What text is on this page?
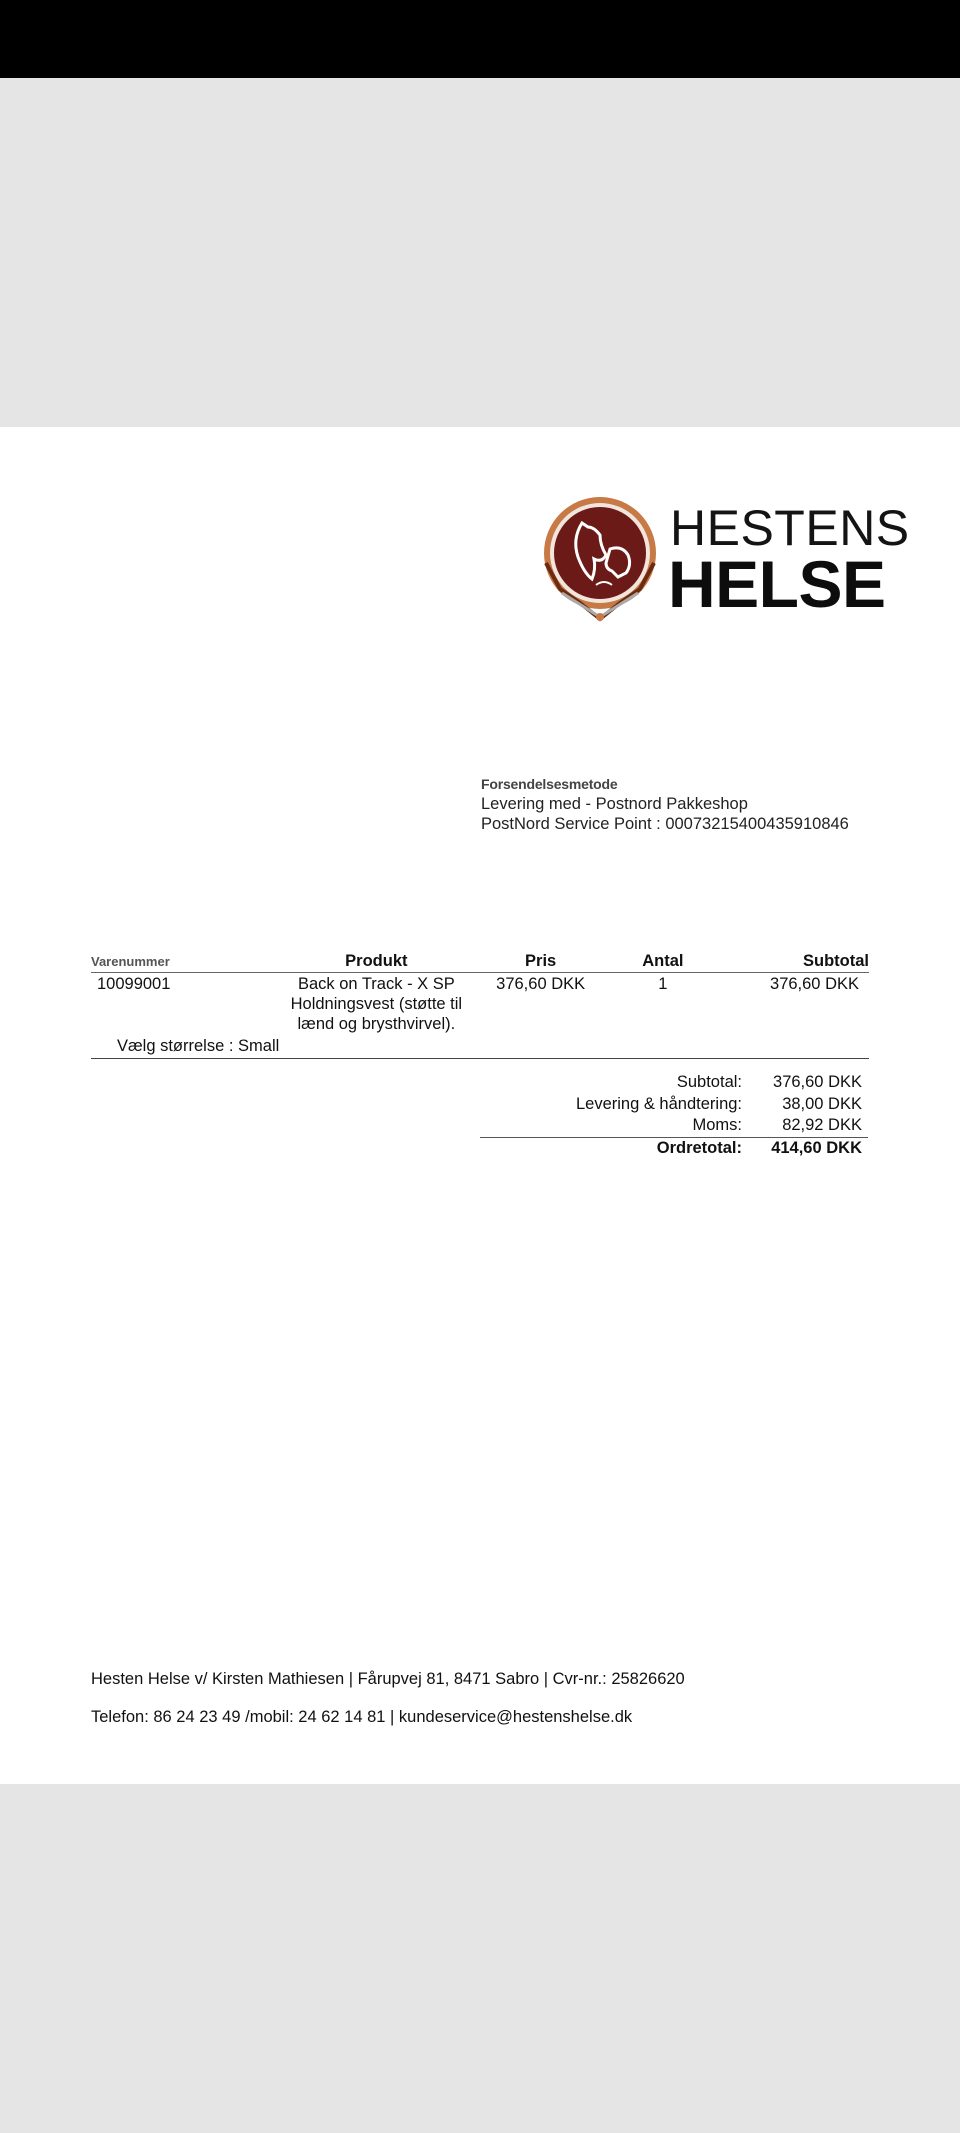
HESTENS
HELSE
Forsendelsesmetode
Levering med - Postnord Pakkeshop
PostNord Service Point : 00073215400435910846
Varenummer	Produkt	Pris	Antal	Subtotal
10099001	Back on Track - X SP Holdningsvest (støtte til lænd og brysthvirvel).	376,60 DKK	1	376,60 DKK
Vælg størrelse : Small				
Subtotal:	376,60 DKK
Levering & håndtering:	38,00 DKK
Moms:	82,92 DKK
Ordretotal:	414,60 DKK
Hesten Helse v/ Kirsten Mathiesen | Fårupvej 81, 8471 Sabro | Cvr-nr.: 25826620
Telefon: 86 24 23 49 /mobil: 24 62 14 81 | kundeservice@hestenshelse.dk
